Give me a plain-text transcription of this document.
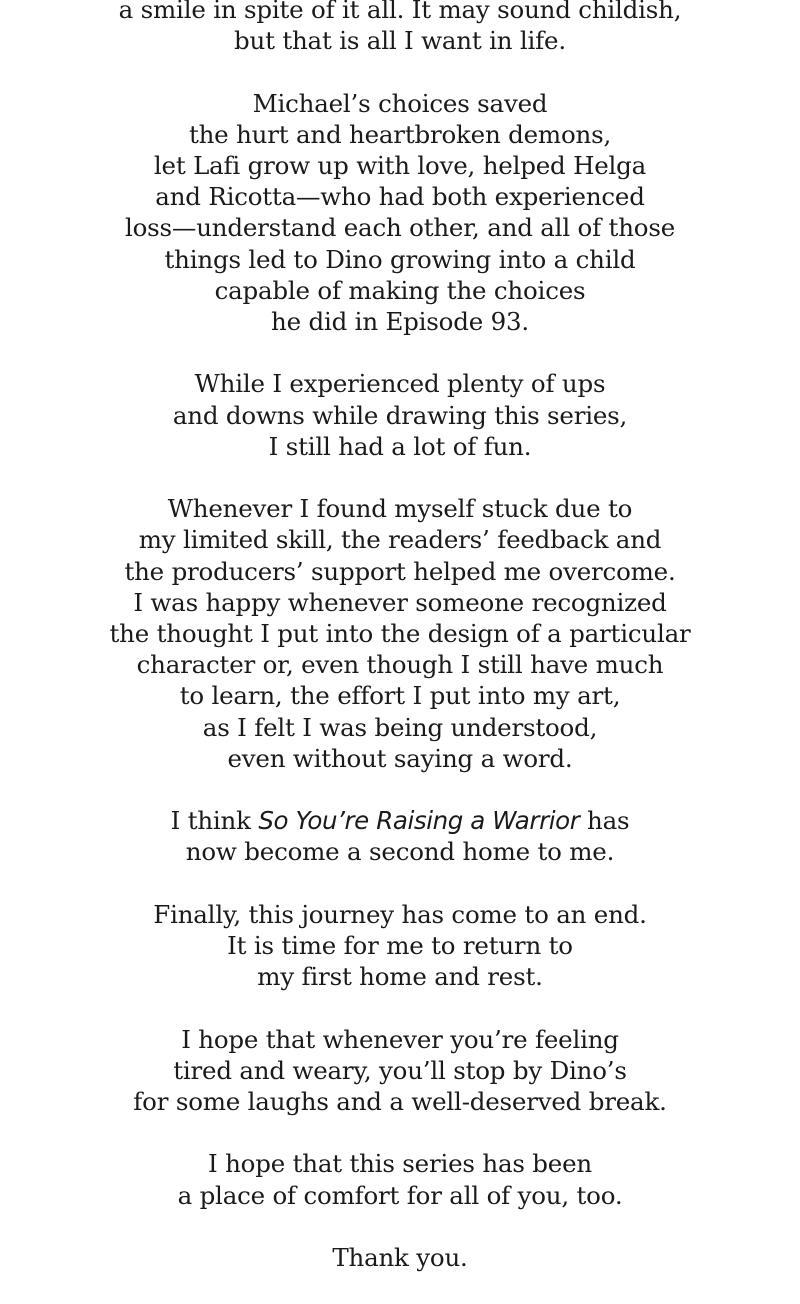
a smile in spite of it all. It may sound childish,
but that is all I want in life.

Michael’s choices saved
the hurt and heartbroken demons,
let Lafi grow up with love, helped Helga
and Ricotta—who had both experienced
loss—understand each other, and all of those
things led to Dino growing into a child
capable of making the choices
he did in Episode 93.

While I experienced plenty of ups
and downs while drawing this series,
I still had a lot of fun.

Whenever I found myself stuck due to
my limited skill, the readers’ feedback and
the producers’ support helped me overcome.
I was happy whenever someone recognized
the thought I put into the design of a particular
character or, even though I still have much
to learn, the effort I put into my art,
as I felt I was being understood,
even without saying a word.

I think So You’re Raising a Warrior has
now become a second home to me.

Finally, this journey has come to an end.
It is time for me to return to
my first home and rest.

I hope that whenever you’re feeling
tired and weary, you’ll stop by Dino’s
for some laughs and a well-deserved break.

I hope that this series has been
a place of comfort for all of you, too.

Thank you.
